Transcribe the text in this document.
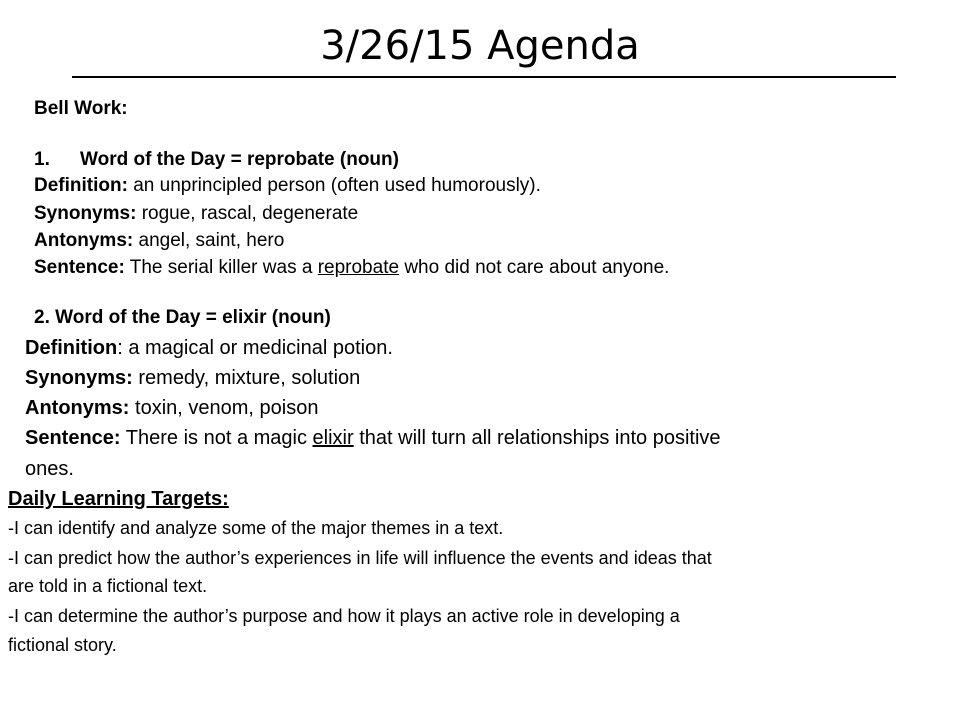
3/26/15 Agenda
Bell Work:
1. Word of the Day = reprobate (noun)
Definition: an unprincipled person (often used humorously).
Synonyms: rogue, rascal, degenerate
Antonyms: angel, saint, hero
Sentence: The serial killer was a reprobate who did not care about anyone.
2. Word of the Day = elixir (noun)
Definition: a magical or medicinal potion.
Synonyms: remedy, mixture, solution
Antonyms: toxin, venom, poison
Sentence: There is not a magic elixir that will turn all relationships into positive
ones.
Daily Learning Targets:
-I can identify and analyze some of the major themes in a text.
-I can predict how the author’s experiences in life will influence the events and ideas that
are told in a fictional text.
-I can determine the author’s purpose and how it plays an active role in developing a
fictional story.
